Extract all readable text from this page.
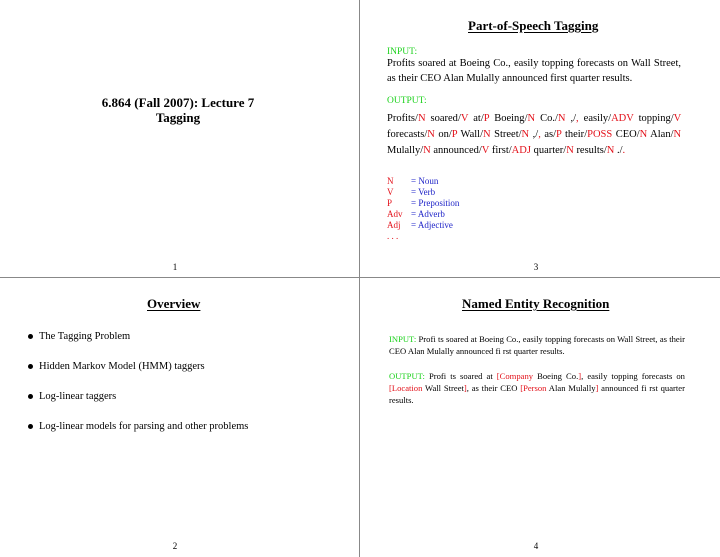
6.864 (Fall 2007): Lecture 7
Tagging
1
Part-of-Speech Tagging
INPUT:
Profits soared at Boeing Co., easily topping forecasts on Wall Street, as their CEO Alan Mulally announced first quarter results.
OUTPUT:
Profits/N soared/V at/P Boeing/N Co./N ,/, easily/ADV topping/V forecasts/N on/P Wall/N Street/N ,/, as/P their/POSS CEO/N Alan/N Mulally/N announced/V first/ADJ quarter/N results/N ./.
N	= Noun
V	= Verb
P	= Preposition
Adv = Adverb
Adj	= Adjective
. . .
3
Overview
The Tagging Problem
Hidden Markov Model (HMM) taggers
Log-linear taggers
Log-linear models for parsing and other problems
2
Named Entity Recognition
INPUT: Profi ts soared at Boeing Co., easily topping forecasts on Wall Street, as their CEO Alan Mulally announced fi rst quarter results.
OUTPUT: Profi ts soared at [Company Boeing Co.], easily topping forecasts on [Location Wall Street], as their CEO [Person Alan Mulally] announced fi rst quarter results.
4
